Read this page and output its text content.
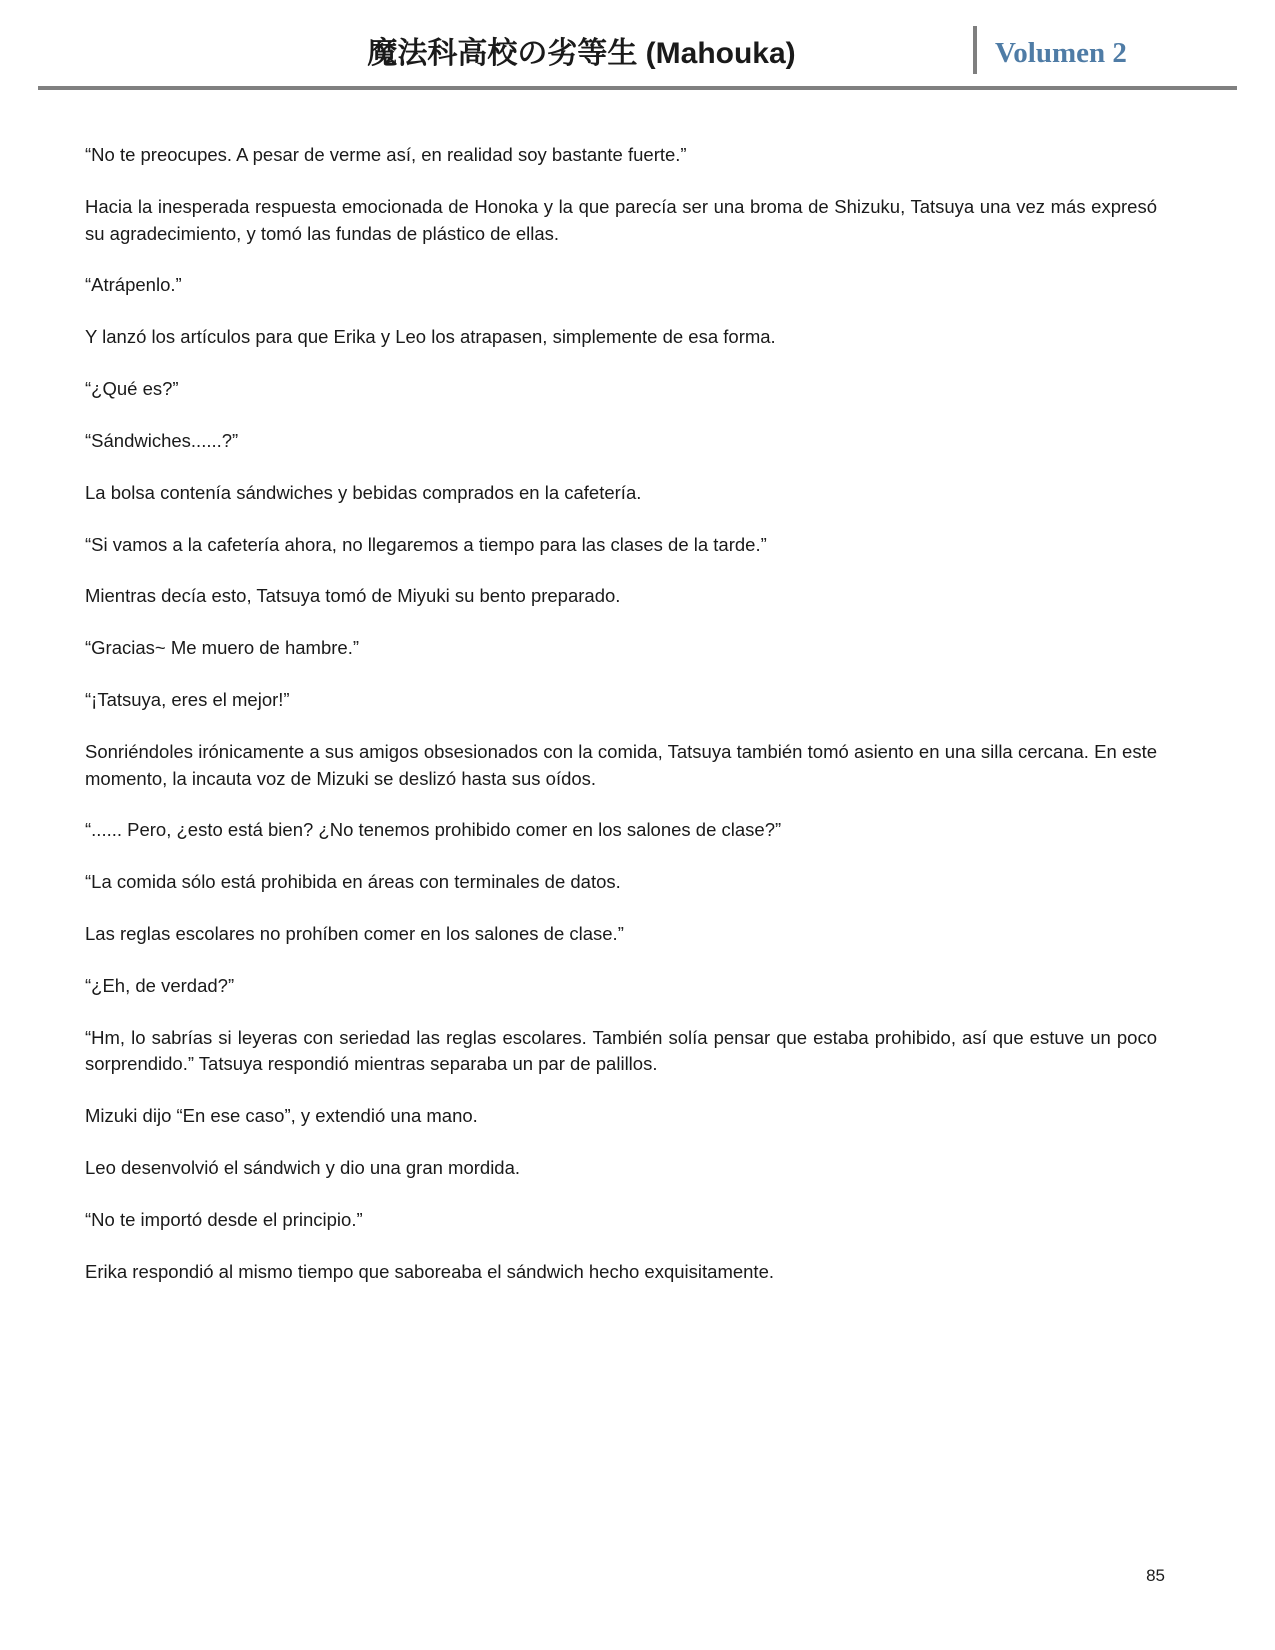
魔法科高校の劣等生 (Mahouka)	Volumen 2

“No te preocupes. A pesar de verme así, en realidad soy bastante fuerte.”

Hacia la inesperada respuesta emocionada de Honoka y la que parecía ser una broma de Shizuku, Tatsuya una vez más expresó su agradecimiento, y tomó las fundas de plástico de ellas.

“Atrápenlo.”

Y lanzó los artículos para que Erika y Leo los atrapasen, simplemente de esa forma.

“¿Qué es?”

“Sándwiches......?”

La bolsa contenía sándwiches y bebidas comprados en la cafetería.

“Si vamos a la cafetería ahora, no llegaremos a tiempo para las clases de la tarde.”

Mientras decía esto, Tatsuya tomó de Miyuki su bento preparado.

“Gracias~ Me muero de hambre.”

“¡Tatsuya, eres el mejor!”

Sonriéndoles irónicamente a sus amigos obsesionados con la comida, Tatsuya también tomó asiento en una silla cercana. En este momento, la incauta voz de Mizuki se deslizó hasta sus oídos.

“...... Pero, ¿esto está bien? ¿No tenemos prohibido comer en los salones de clase?”

“La comida sólo está prohibida en áreas con terminales de datos.

Las reglas escolares no prohíben comer en los salones de clase.”

“¿Eh, de verdad?”

“Hm, lo sabrías si leyeras con seriedad las reglas escolares. También solía pensar que estaba prohibido, así que estuve un poco sorprendido.” Tatsuya respondió mientras separaba un par de palillos.

Mizuki dijo “En ese caso”, y extendió una mano.

Leo desenvolvió el sándwich y dio una gran mordida.

“No te importó desde el principio.”

Erika respondió al mismo tiempo que saboreaba el sándwich hecho exquisitamente.

85
